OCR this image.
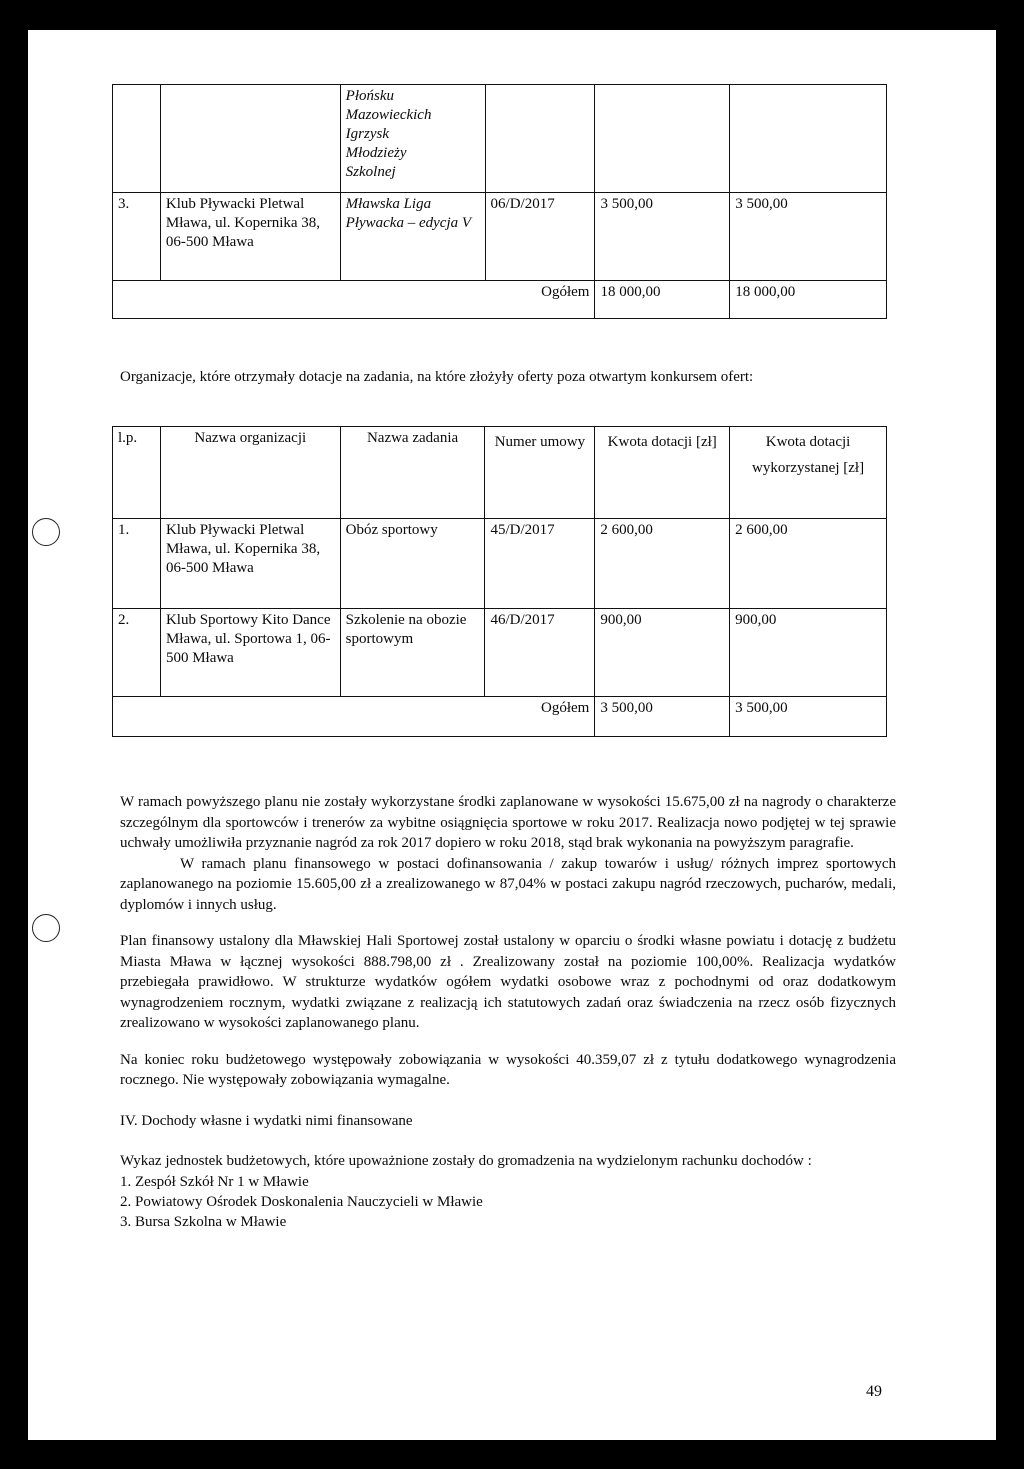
		Płońsku
Mazowieckich
Igrzysk
Młodzieży
Szkolnej			

3.	Klub Pływacki Pletwal Mława, ul. Kopernika 38, 06-500 Mława	Mławska Liga Pływacka – edycja V	06/D/2017	3 500,00	3 500,00
Ogółem				18 000,00	18 000,00

Organizacje, które otrzymały dotacje na zadania, na które złożyły oferty poza otwartym konkursem ofert:

l.p.	Nazwa organizacji	Nazwa zadania	Numer umowy	Kwota dotacji [zł]	Kwota dotacji wykorzystanej [zł]
1.	Klub Pływacki Pletwal Mława, ul. Kopernika 38, 06-500 Mława	Obóz sportowy	45/D/2017	2 600,00	2 600,00
2.	Klub Sportowy Kito Dance Mława, ul. Sportowa 1, 06-500 Mława	Szkolenie na obozie sportowym	46/D/2017	900,00	900,00
Ogółem				3 500,00	3 500,00

W ramach powyższego planu nie zostały wykorzystane środki zaplanowane w wysokości 15.675,00 zł na nagrody o charakterze szczególnym dla sportowców i trenerów za wybitne osiągnięcia sportowe w roku 2017. Realizacja nowo podjętej w tej sprawie uchwały umożliwiła przyznanie nagród za rok 2017 dopiero w roku 2018, stąd brak wykonania na powyższym paragrafie.

W ramach planu finansowego w postaci dofinansowania / zakup towarów i usług/ różnych imprez sportowych zaplanowanego na poziomie 15.605,00 zł a zrealizowanego w 87,04% w postaci zakupu nagród rzeczowych, pucharów, medali, dyplomów i innych usług.

Plan finansowy ustalony dla Mławskiej Hali Sportowej został ustalony w oparciu o środki własne powiatu i dotację z budżetu Miasta Mława w łącznej wysokości 888.798,00 zł . Zrealizowany został na poziomie 100,00%. Realizacja wydatków przebiegała prawidłowo. W strukturze wydatków ogółem wydatki osobowe wraz z pochodnymi od oraz dodatkowym wynagrodzeniem rocznym, wydatki związane z realizacją ich statutowych zadań oraz świadczenia na rzecz osób fizycznych zrealizowano w wysokości zaplanowanego planu.

Na koniec roku budżetowego występowały zobowiązania w wysokości 40.359,07 zł z tytułu dodatkowego wynagrodzenia rocznego. Nie występowały zobowiązania wymagalne.

IV. Dochody własne i wydatki nimi finansowane

Wykaz jednostek budżetowych, które upoważnione zostały do gromadzenia na wydzielonym rachunku dochodów :

1. Zespół Szkół Nr 1 w Mławie
2. Powiatowy Ośrodek Doskonalenia Nauczycieli w Mławie
3. Bursa Szkolna w Mławie
49
